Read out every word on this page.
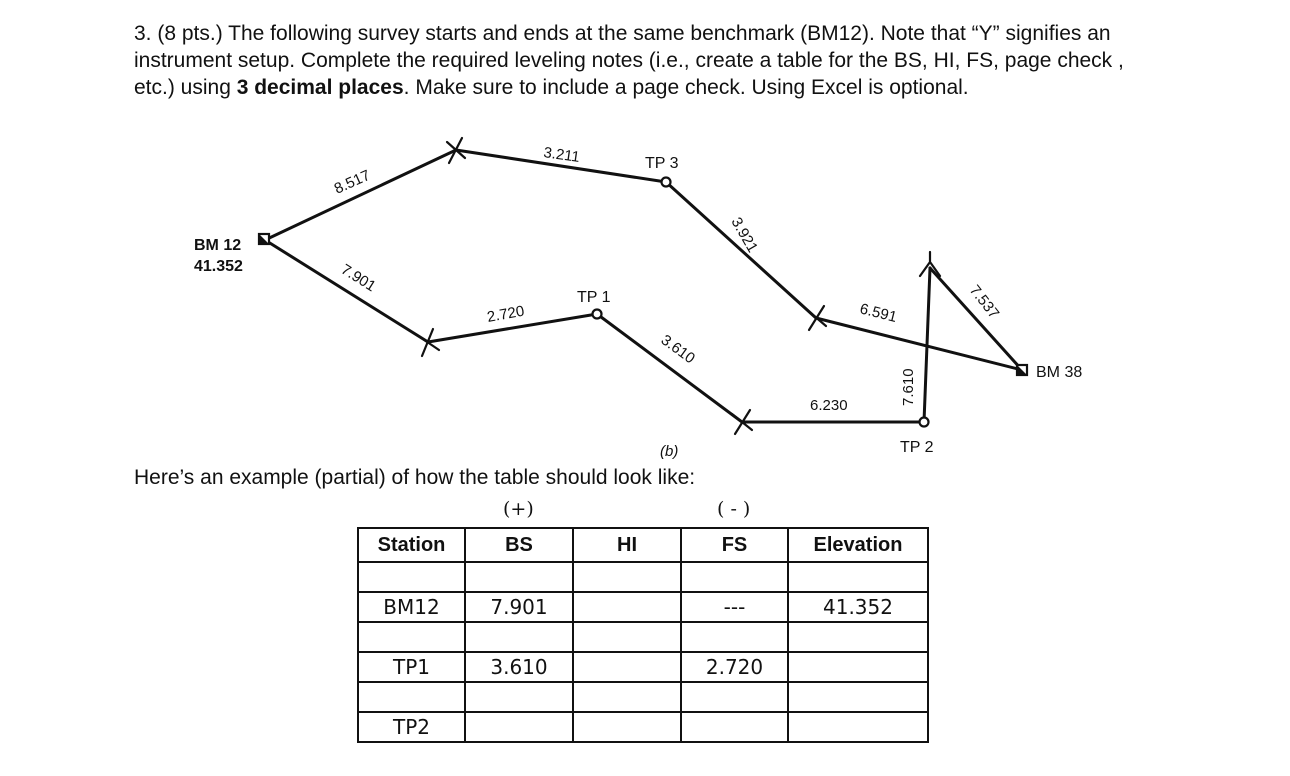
3. (8 pts.) The following survey starts and ends at the same benchmark (BM12). Note that “Y” signifies an instrument setup. Complete the required leveling notes (i.e., create a table for the BS, HI, FS, page check , etc.) using 3 decimal places. Make sure to include a page check. Using Excel is optional.

BM 12
41.352
TP 3
TP 1
TP 2
BM 38
8.517
3.211
3.921
6.591	7.537
7.901
2.720
3.610
6.230	7.610
(b)

Here’s an example (partial) of how the table should look like:

(+)	( - )
Station	BS	HI	FS	Elevation

BM12	7.901		---	41.352

TP1	3.610		2.720	

TP2				
